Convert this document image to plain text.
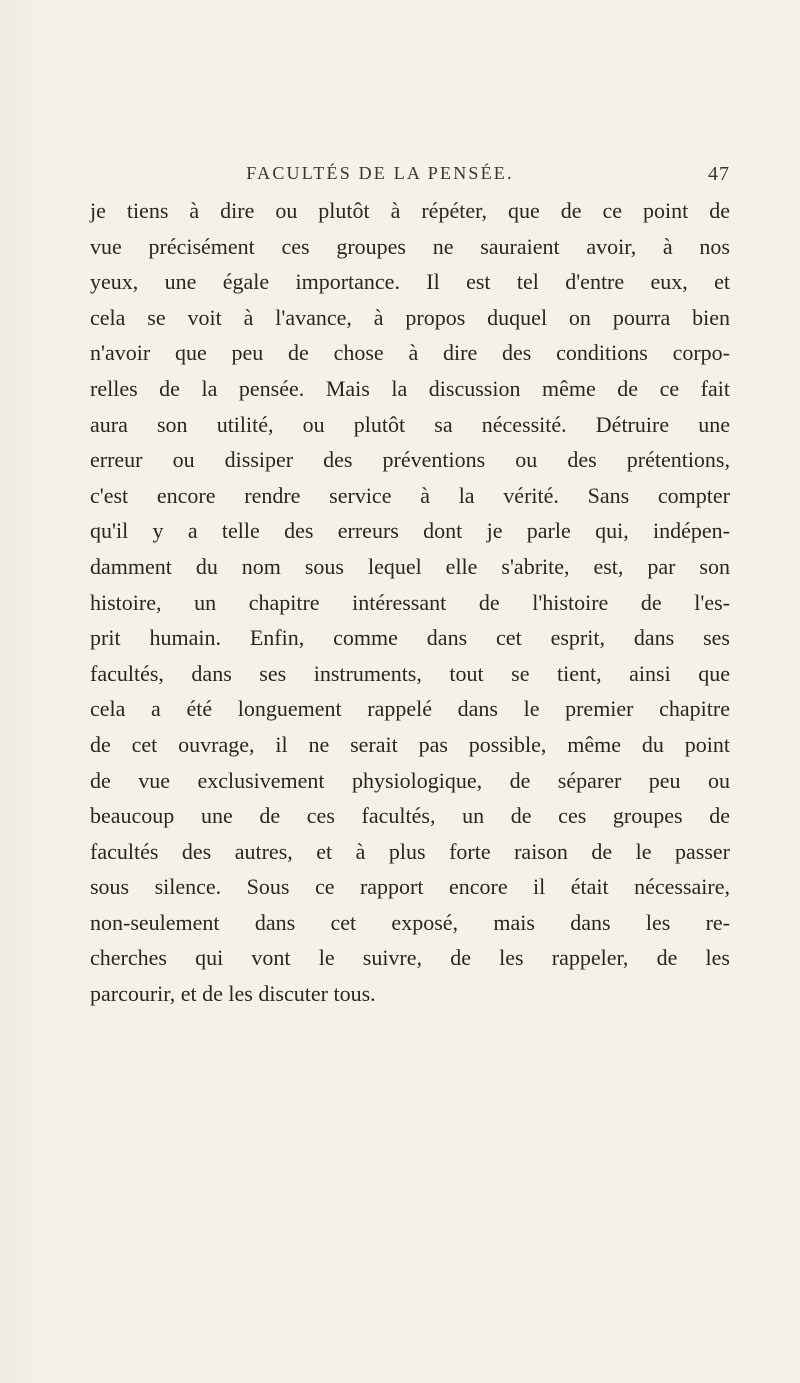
FACULTÉS DE LA PENSÉE.	47
je tiens à dire ou plutôt à répéter, que de ce point de
vue précisément ces groupes ne sauraient avoir, à nos
yeux, une égale importance. Il est tel d'entre eux, et
cela se voit à l'avance, à propos duquel on pourra bien
n'avoir que peu de chose à dire des conditions corpo-
relles de la pensée. Mais la discussion même de ce fait
aura son utilité, ou plutôt sa nécessité. Détruire une
erreur ou dissiper des préventions ou des prétentions,
c'est encore rendre service à la vérité. Sans compter
qu'il y a telle des erreurs dont je parle qui, indépen-
damment du nom sous lequel elle s'abrite, est, par son
histoire, un chapitre intéressant de l'histoire de l'es-
prit humain. Enfin, comme dans cet esprit, dans ses
facultés, dans ses instruments, tout se tient, ainsi que
cela a été longuement rappelé dans le premier chapitre
de cet ouvrage, il ne serait pas possible, même du point
de vue exclusivement physiologique, de séparer peu ou
beaucoup une de ces facultés, un de ces groupes de
facultés des autres, et à plus forte raison de le passer
sous silence. Sous ce rapport encore il était nécessaire,
non-seulement dans cet exposé, mais dans les re-
cherches qui vont le suivre, de les rappeler, de les
parcourir, et de les discuter tous.
